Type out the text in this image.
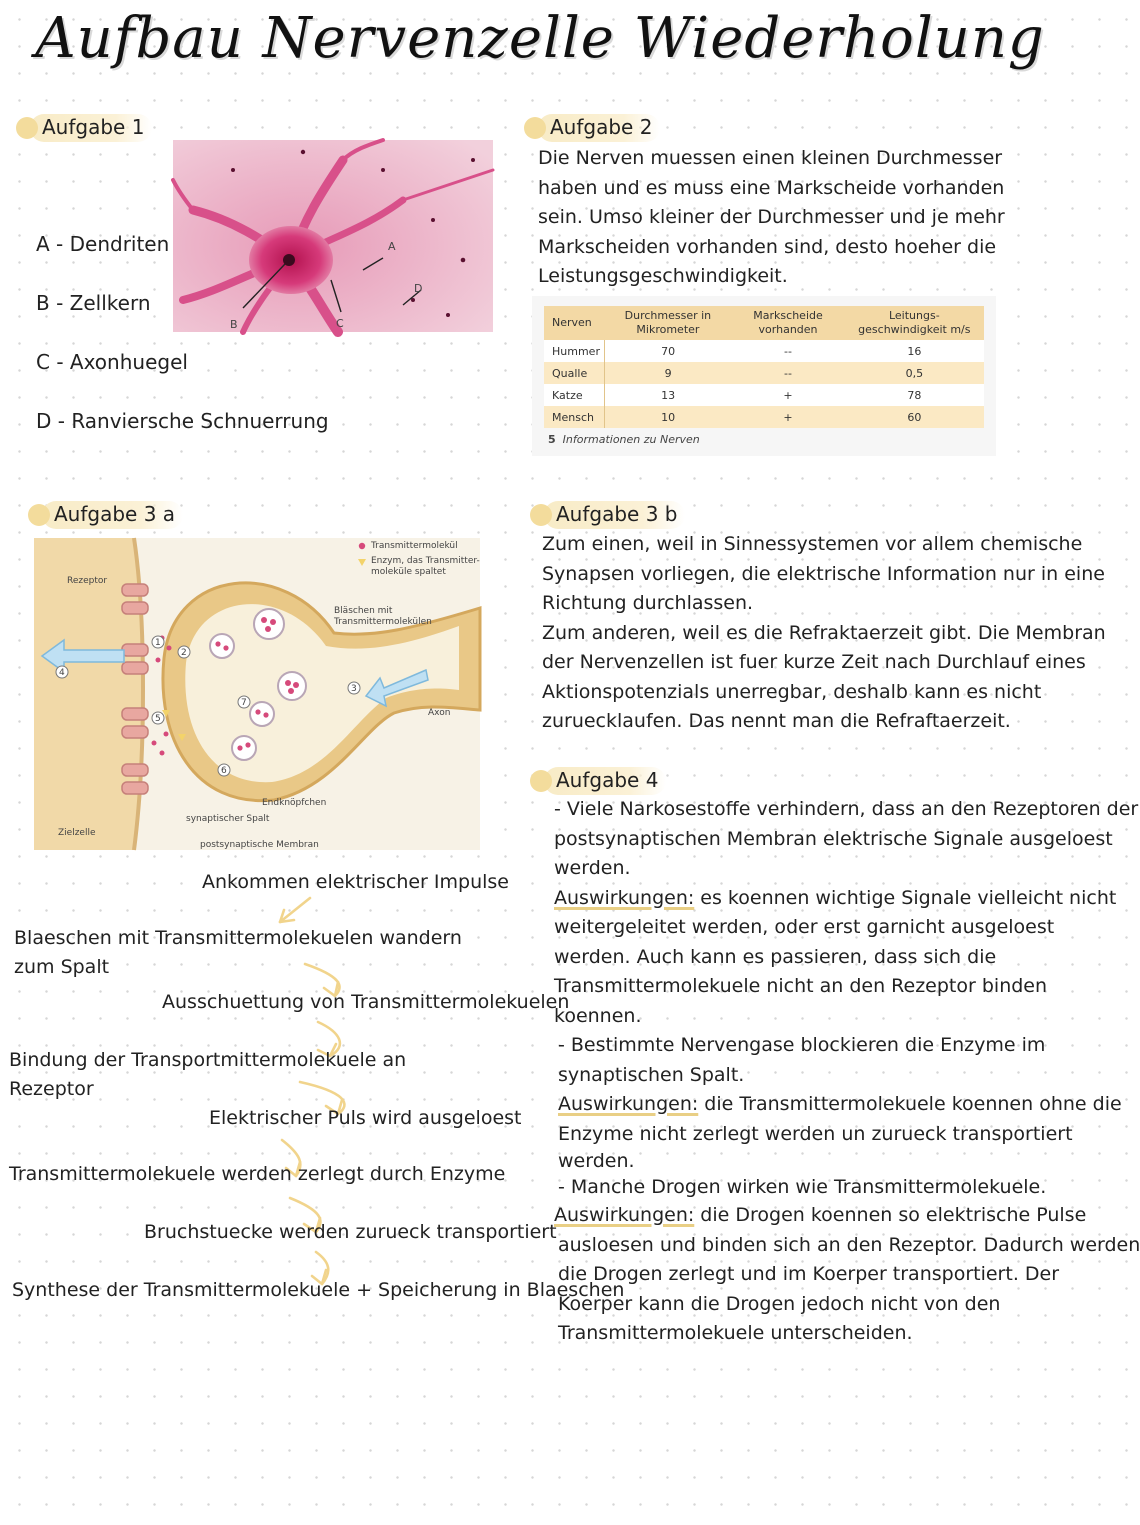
Aufbau Nervenzelle Wiederholung
Aufgabe 1
A
B	C
D
A - Dendriten
B - Zellkern
C - Axonhuegel
D - Ranviersche Schnuerrung
Aufgabe 2
Die Nerven muessen einen kleinen Durchmesser
haben und es muss eine Markscheide vorhanden
sein. Umso kleiner der Durchmesser und je mehr
Markscheiden vorhanden sind, desto hoeher die
Leistungsgeschwindigkeit.
Nerven	Durchmesser in Mikrometer	Markscheide vorhanden	Leitungs-geschwindigkeit m/s
Hummer	70	--	16
Qualle	9	--	0,5
Katze	13	+	78
Mensch	10	+	60
5 Informationen zu Nerven
Aufgabe 3 a
1
2
3
4
5
6
7
Transmittermolekül
Enzym, das Transmitter-
moleküle spaltet
Bläschen mit
Transmittermolekülen
Rezeptor
Axon
Endknöpfchen
synaptischer Spalt
Zielzelle
postsynaptische Membran
Ankommen elektrischer Impulse
Blaeschen mit Transmittermolekuelen wandern
zum Spalt
Ausschuettung von Transmittermolekuelen
Bindung der Transportmittermolekuele an
Rezeptor
Elektrischer Puls wird ausgeloest
Transmittermolekuele werden zerlegt durch Enzyme
Bruchstuecke werden zurueck transportiert
Synthese der Transmittermolekuele + Speicherung in Blaeschen
Aufgabe 3 b
Zum einen, weil in Sinnessystemen vor allem chemische
Synapsen vorliegen, die elektrische Information nur in eine
Richtung durchlassen.
Zum anderen, weil es die Refraktaerzeit gibt. Die Membran
der Nervenzellen ist fuer kurze Zeit nach Durchlauf eines
Aktionspotenzials unerregbar, deshalb kann es nicht
zuruecklaufen. Das nennt man die Refraftaerzeit.
Aufgabe 4
- Viele Narkosestoffe verhindern, dass an den Rezeptoren der
postsynaptischen Membran elektrische Signale ausgeloest
werden.
Auswirkungen: es koennen wichtige Signale vielleicht nicht
weitergeleitet werden, oder erst garnicht ausgeloest
werden. Auch kann es passieren, dass sich die
Transmittermolekuele nicht an den Rezeptor binden
koennen.
- Bestimmte Nervengase blockieren die Enzyme im
synaptischen Spalt.
Auswirkungen: die Transmittermolekuele koennen ohne die
Enzyme nicht zerlegt werden un zurueck transportiert
werden.
- Manche Drogen wirken wie Transmittermolekuele.
Auswirkungen: die Drogen koennen so elektrische Pulse
ausloesen und binden sich an den Rezeptor. Dadurch werden
die Drogen zerlegt und im Koerper transportiert. Der
Koerper kann die Drogen jedoch nicht von den
Transmittermolekuele unterscheiden.
